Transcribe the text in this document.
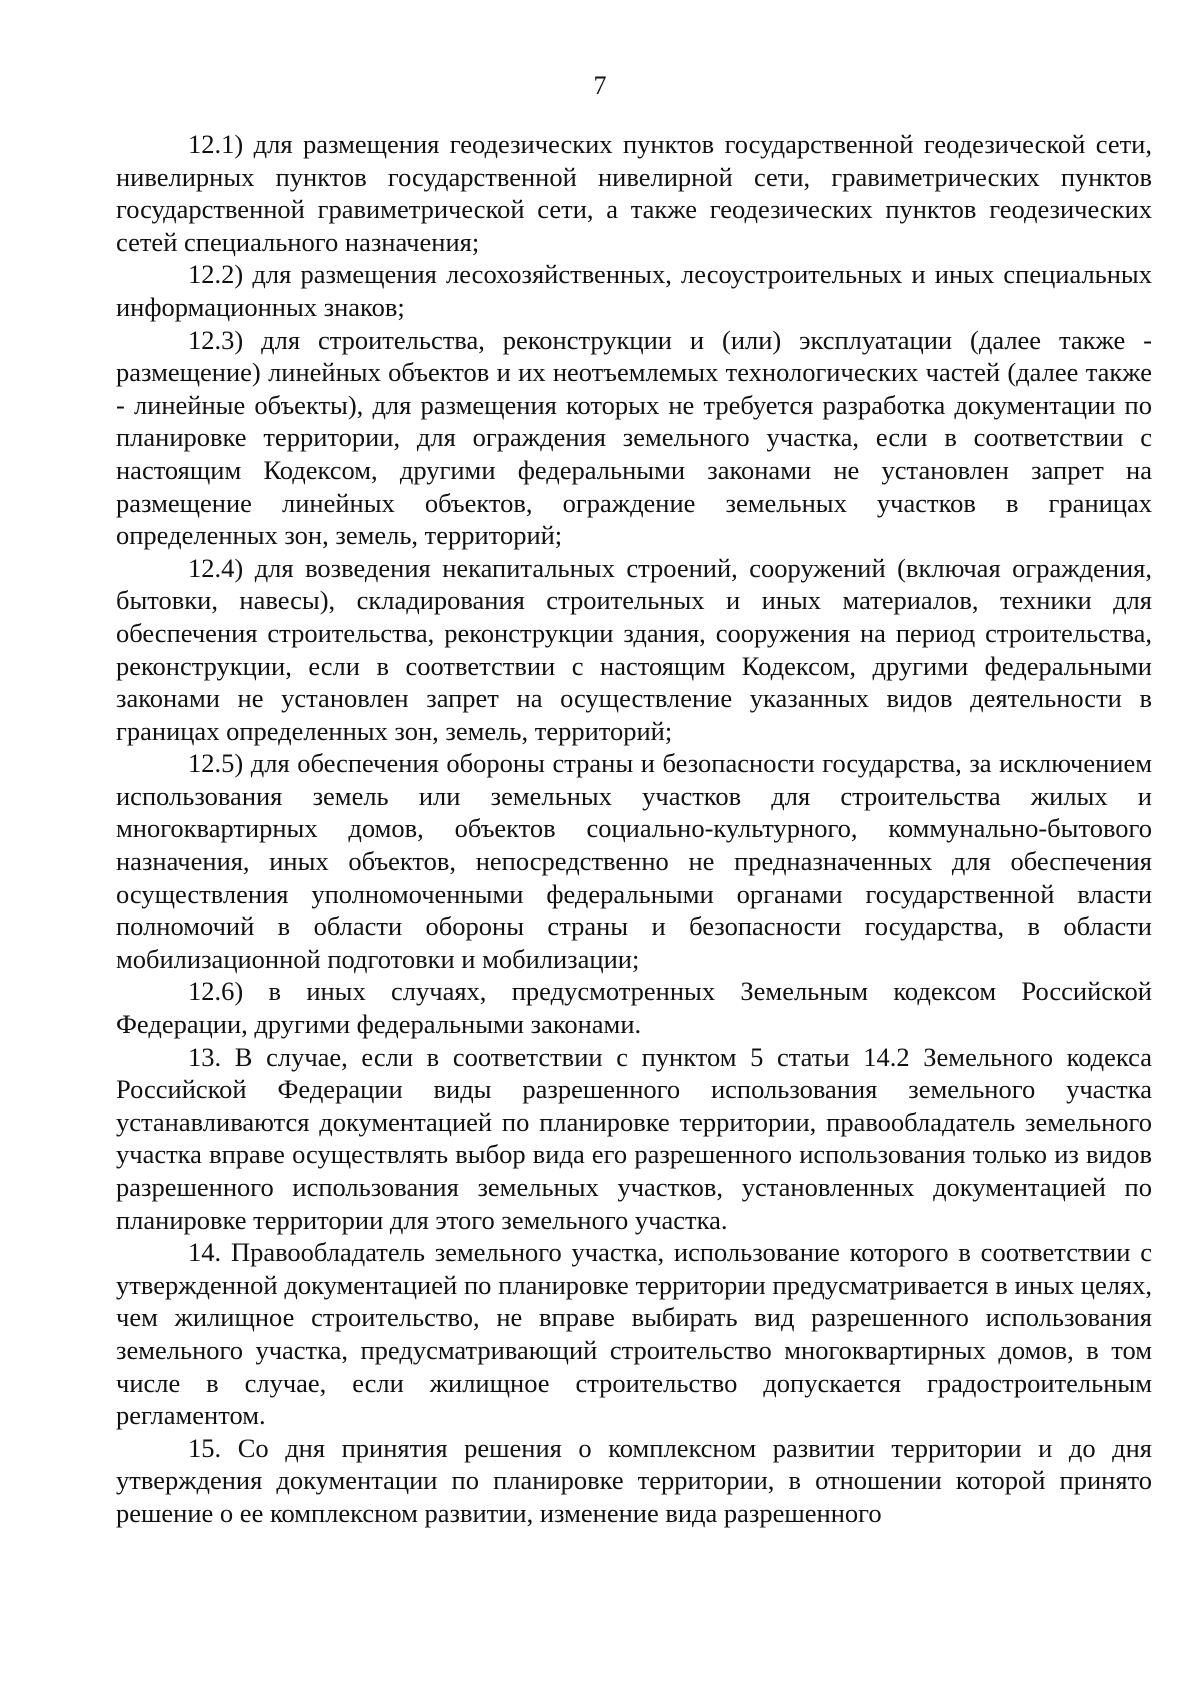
7

12.1) для размещения геодезических пунктов государственной геодезической сети, нивелирных пунктов государственной нивелирной сети, гравиметрических пунктов государственной гравиметрической сети, а также геодезических пунктов геодезических сетей специального назначения;

12.2) для размещения лесохозяйственных, лесоустроительных и иных специальных информационных знаков;

12.3) для строительства, реконструкции и (или) эксплуатации (далее также - размещение) линейных объектов и их неотъемлемых технологических частей (далее также - линейные объекты), для размещения которых не требуется разработка документации по планировке территории, для ограждения земельного участка, если в соответствии с настоящим Кодексом, другими федеральными законами не установлен запрет на размещение линейных объектов, ограждение земельных участков в границах определенных зон, земель, территорий;

12.4) для возведения некапитальных строений, сооружений (включая ограждения, бытовки, навесы), складирования строительных и иных материалов, техники для обеспечения строительства, реконструкции здания, сооружения на период строительства, реконструкции, если в соответствии с настоящим Кодексом, другими федеральными законами не установлен запрет на осуществление указанных видов деятельности в границах определенных зон, земель, территорий;

12.5) для обеспечения обороны страны и безопасности государства, за исключением использования земель или земельных участков для строительства жилых и многоквартирных домов, объектов социально-культурного, коммунально-бытового назначения, иных объектов, непосредственно не предназначенных для обеспечения осуществления уполномоченными федеральными органами государственной власти полномочий в области обороны страны и безопасности государства, в области мобилизационной подготовки и мобилизации;

12.6) в иных случаях, предусмотренных Земельным кодексом Российской Федерации, другими федеральными законами.

13. В случае, если в соответствии с пунктом 5 статьи 14.2 Земельного кодекса Российской Федерации виды разрешенного использования земельного участка устанавливаются документацией по планировке территории, правообладатель земельного участка вправе осуществлять выбор вида его разрешенного использования только из видов разрешенного использования земельных участков, установленных документацией по планировке территории для этого земельного участка.

14. Правообладатель земельного участка, использование которого в соответствии с утвержденной документацией по планировке территории предусматривается в иных целях, чем жилищное строительство, не вправе выбирать вид разрешенного использования земельного участка, предусматривающий строительство многоквартирных домов, в том числе в случае, если жилищное строительство допускается градостроительным регламентом.

15. Со дня принятия решения о комплексном развитии территории и до дня утверждения документации по планировке территории, в отношении которой принято решение о ее комплексном развитии, изменение вида разрешенного
